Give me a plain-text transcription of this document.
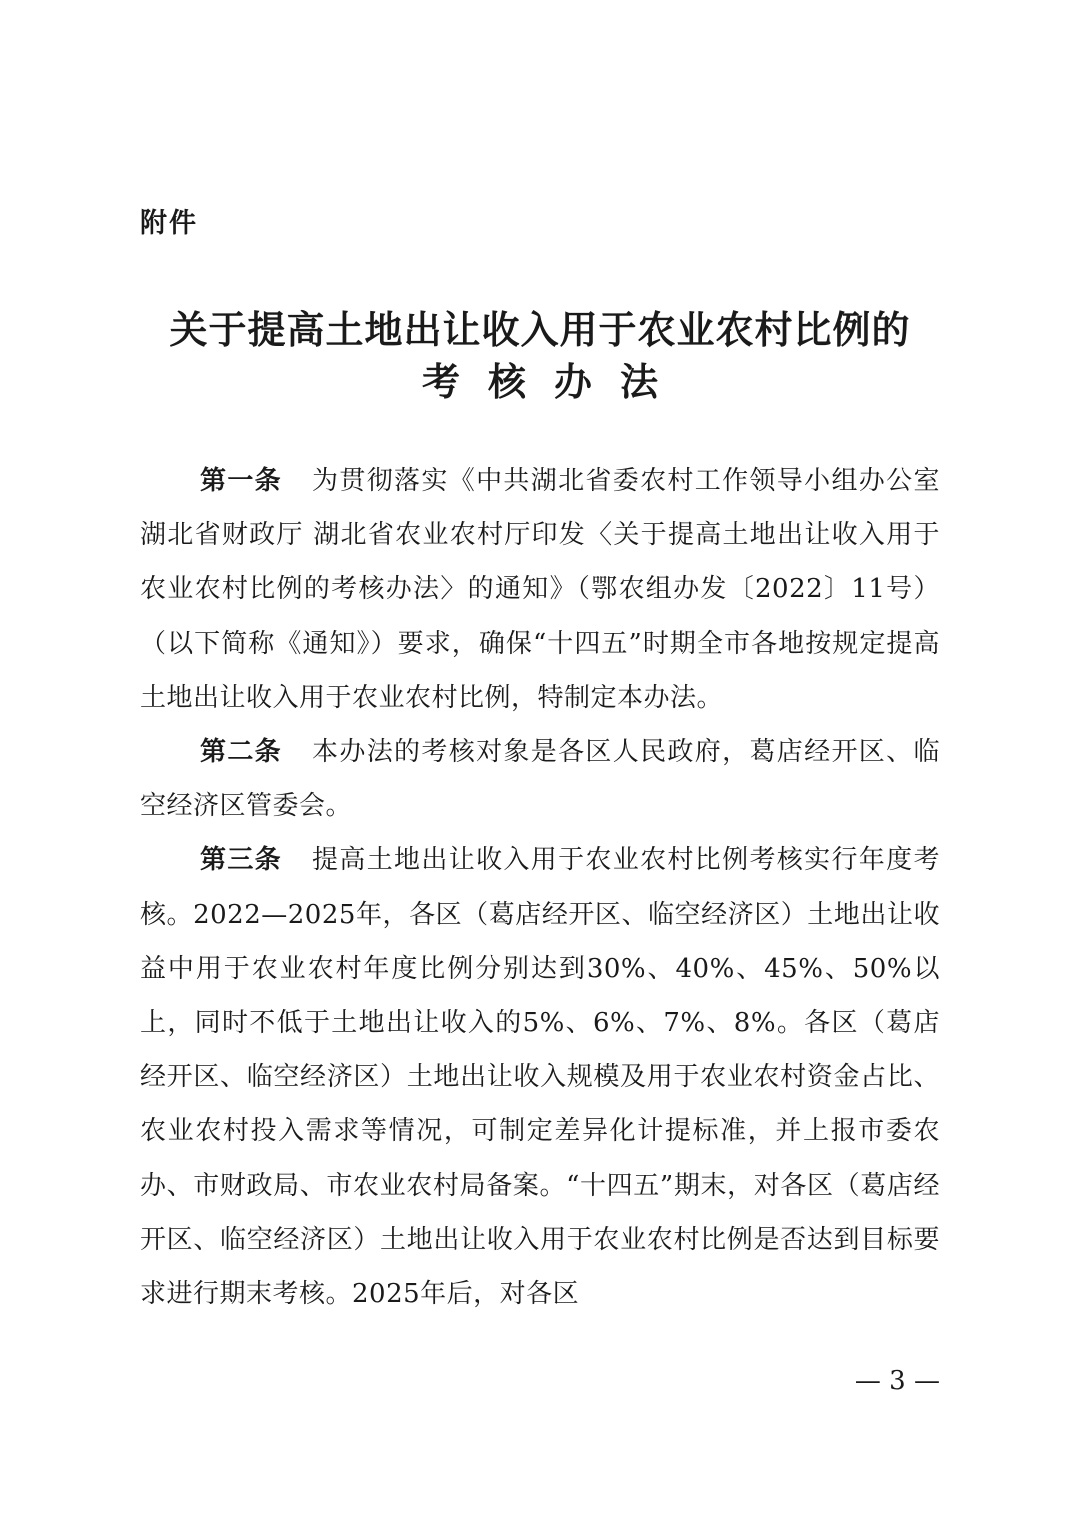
附件
关于提高土地出让收入用于农业农村比例的
考核办法

第一条 为贯彻落实《中共湖北省委农村工作领导小组办公室 湖北省财政厅 湖北省农业农村厅印发〈关于提高土地出让收入用于农业农村比例的考核办法〉的通知》（鄂农组办发〔2022〕11号）（以下简称《通知》）要求，确保“十四五”时期全市各地按规定提高土地出让收入用于农业农村比例，特制定本办法。

第二条 本办法的考核对象是各区人民政府，葛店经开区、临空经济区管委会。

第三条 提高土地出让收入用于农业农村比例考核实行年度考核。2022—2025年，各区（葛店经开区、临空经济区）土地出让收益中用于农业农村年度比例分别达到30%、40%、45%、50%以上，同时不低于土地出让收入的5%、6%、7%、8%。各区（葛店经开区、临空经济区）土地出让收入规模及用于农业农村资金占比、农业农村投入需求等情况，可制定差异化计提标准，并上报市委农办、市财政局、市农业农村局备案。“十四五”期末，对各区（葛店经开区、临空经济区）土地出让收入用于农业农村比例是否达到目标要求进行期末考核。2025年后，对各区

— 3 —
